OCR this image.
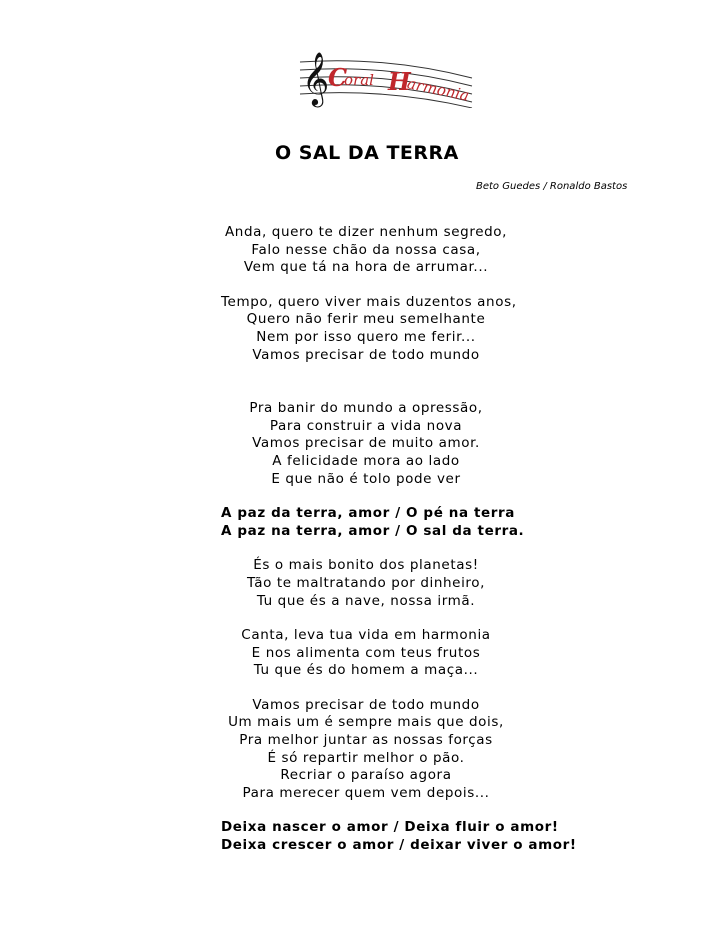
𝄞
C
oral H
armonia
O SAL DA TERRA
Beto Guedes / Ronaldo Bastos
Anda, quero te dizer nenhum segredo,
Falo nesse chão da nossa casa,
Vem que tá na hora de arrumar...
Tempo, quero viver mais duzentos anos,
Quero não ferir meu semelhante
Nem por isso quero me ferir...
Vamos precisar de todo mundo
Pra banir do mundo a opressão,
Para construir a vida nova
Vamos precisar de muito amor.
A felicidade mora ao lado
E que não é tolo pode ver
A paz da terra, amor / O pé na terra
A paz na terra, amor / O sal da terra.
És o mais bonito dos planetas!
Tão te maltratando por dinheiro,
Tu que és a nave, nossa irmã.
Canta, leva tua vida em harmonia
E nos alimenta com teus frutos
Tu que és do homem a maça...
Vamos precisar de todo mundo
Um mais um é sempre mais que dois,
Pra melhor juntar as nossas forças
É só repartir melhor o pão.
Recriar o paraíso agora
Para merecer quem vem depois...
Deixa nascer o amor / Deixa fluir o amor!
Deixa crescer o amor / deixar viver o amor!
